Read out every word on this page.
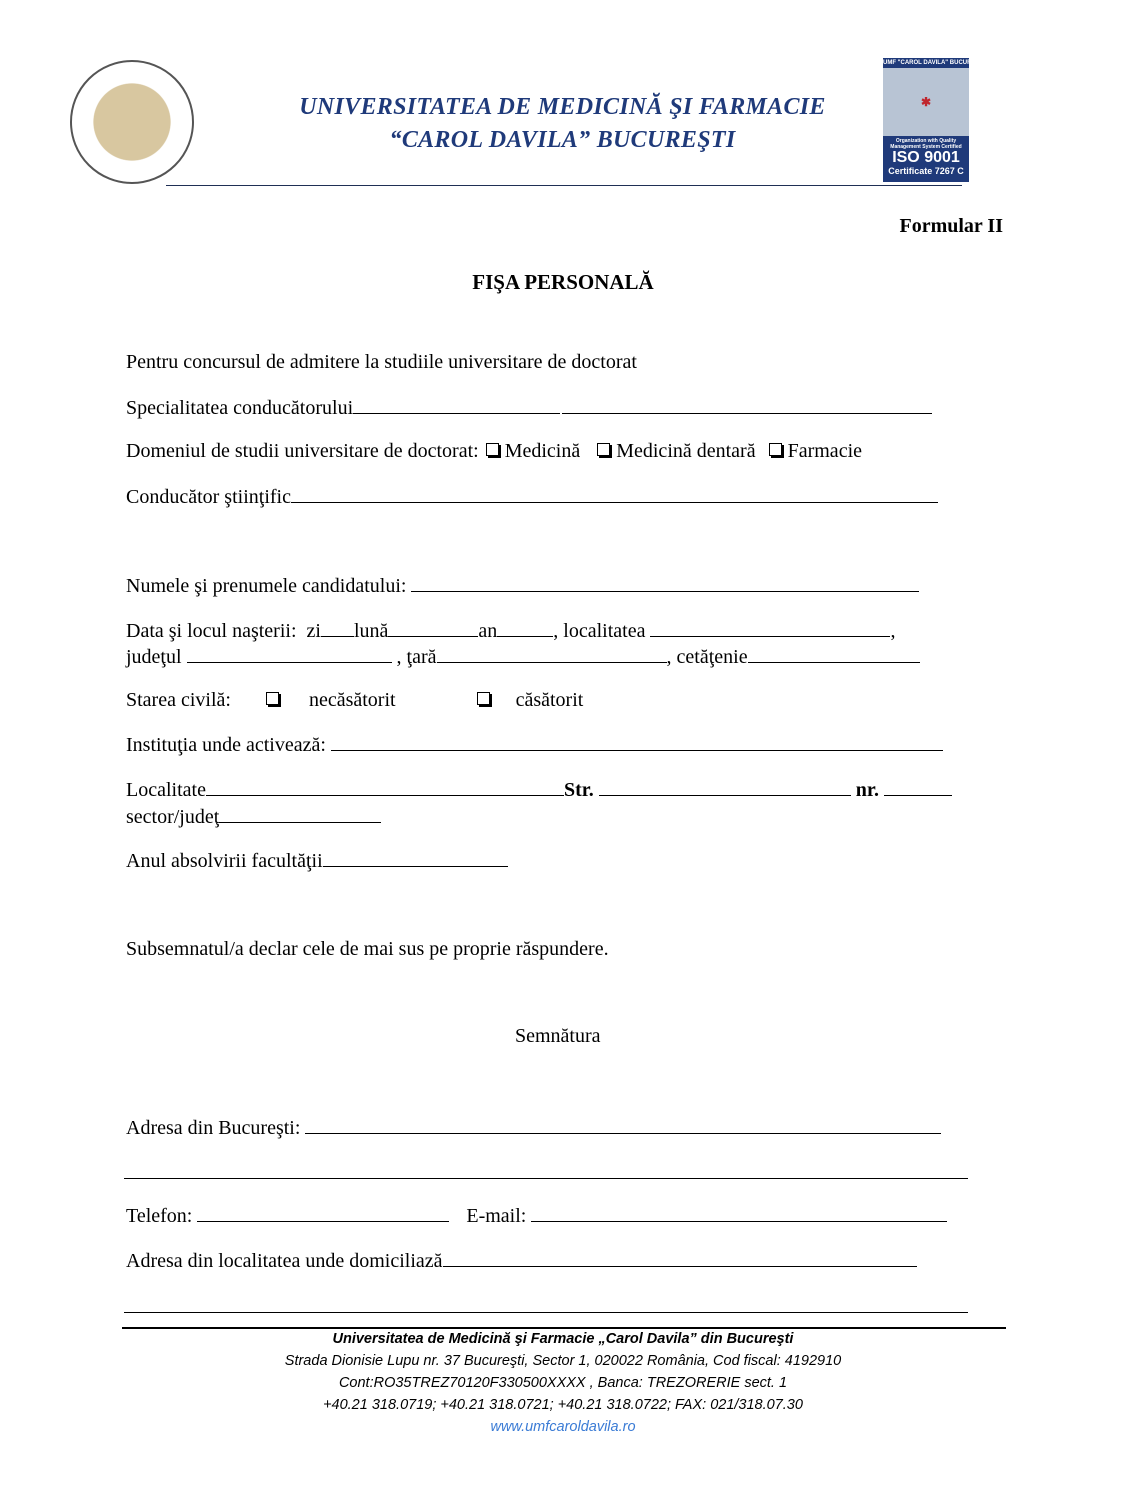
UNIVERSITATEA DE MEDICINĂ ŞI FARMACIE
“CAROL DAVILA” BUCUREŞTI
UMF "CAROL DAVILA" BUCUREŞTI
✱
Organization with Quality Management System Certified
ISO 9001
Certificate 7267 C
Formular II
FIŞA PERSONALĂ
Pentru concursul de admitere la studiile universitare de doctorat
Specialitatea conducătorului
Domeniul de studii universitare de doctorat: Medicină Medicină dentară Farmacie
Conducător ştiinţific
Numele şi prenumele candidatului:
Data şi locul naşterii: zi lună	an	, localitatea	,
judeţul	, ţară	, cetăţenie
Starea civilă:	necăsătorit	căsătorit
Instituţia unde activează:
Localitate	Str.	nr.
sector/judeţ
Anul absolvirii facultăţii
Subsemnatul/a declar cele de mai sus pe proprie răspundere.
Semnătura
Adresa din Bucureşti:
Telefon:	E-mail:
Adresa din localitatea unde domiciliază
Universitatea de Medicină şi Farmacie „Carol Davila” din Bucureşti
Strada Dionisie Lupu nr. 37 Bucureşti, Sector 1, 020022 România, Cod fiscal: 4192910
Cont:RO35TREZ70120F330500XXXX , Banca: TREZORERIE sect. 1
+40.21 318.0719; +40.21 318.0721; +40.21 318.0722; FAX: 021/318.07.30
www.umfcaroldavila.ro
